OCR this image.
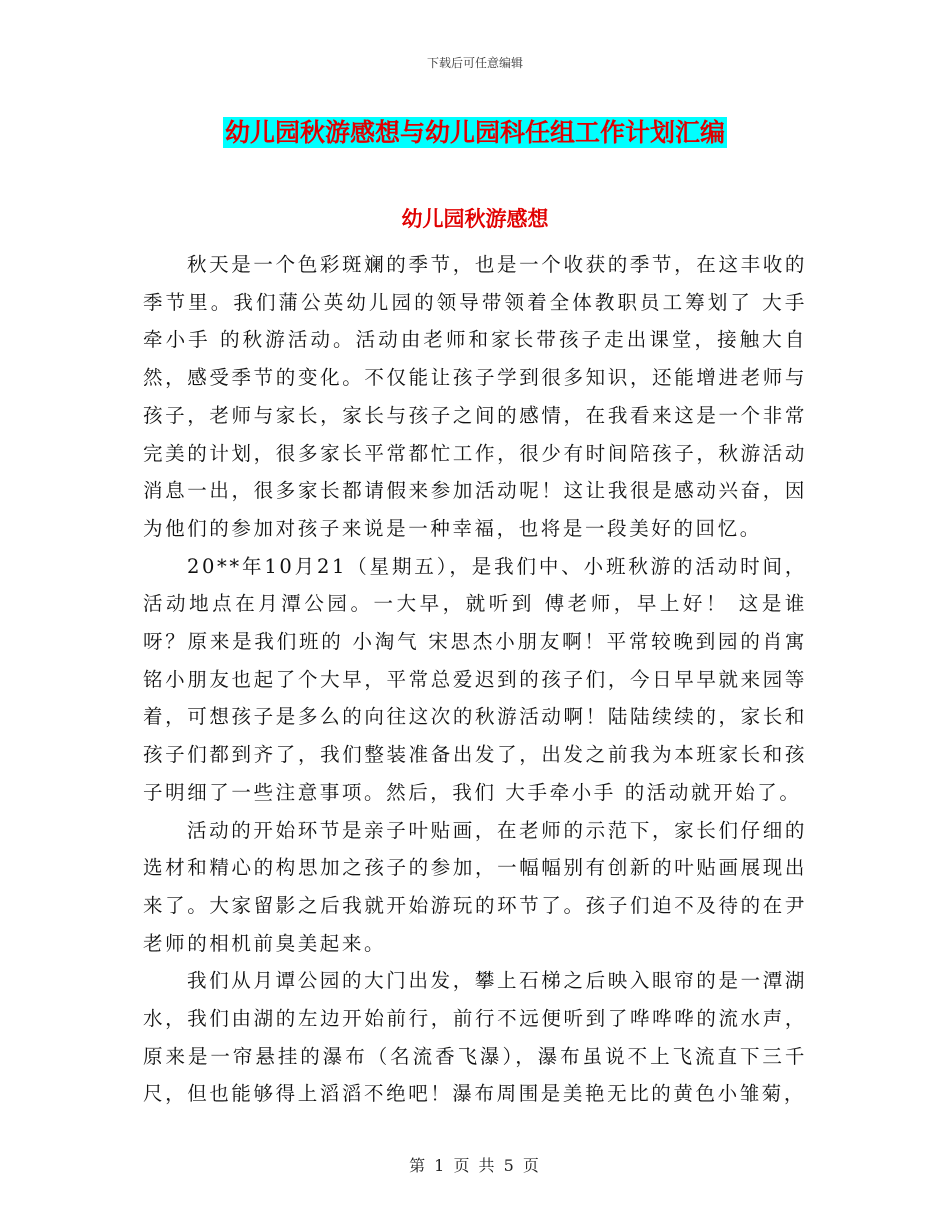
下载后可任意编辑
幼儿园秋游感想与幼儿园科任组工作计划汇编
幼儿园秋游感想

秋天是一个色彩斑斓的季节，也是一个收获的季节，在这丰收的季节里。我们蒲公英幼儿园的领导带领着全体教职员工筹划了 大手牵小手 的秋游活动。活动由老师和家长带孩子走出课堂，接触大自然，感受季节的变化。不仅能让孩子学到很多知识，还能增进老师与孩子，老师与家长，家长与孩子之间的感情，在我看来这是一个非常完美的计划，很多家长平常都忙工作，很少有时间陪孩子，秋游活动消息一出，很多家长都请假来参加活动呢！这让我很是感动兴奋，因为他们的参加对孩子来说是一种幸福，也将是一段美好的回忆。

20**年10月21（星期五），是我们中、小班秋游的活动时间，活动地点在月潭公园。一大早，就听到 傅老师，早上好！ 这是谁呀？原来是我们班的 小淘气 宋思杰小朋友啊！平常较晚到园的肖寓铭小朋友也起了个大早，平常总爱迟到的孩子们，今日早早就来园等着，可想孩子是多么的向往这次的秋游活动啊！陆陆续续的，家长和孩子们都到齐了，我们整装准备出发了，出发之前我为本班家长和孩子明细了一些注意事项。然后，我们 大手牵小手 的活动就开始了。

活动的开始环节是亲子叶贴画，在老师的示范下，家长们仔细的选材和精心的构思加之孩子的参加，一幅幅别有创新的叶贴画展现出来了。大家留影之后我就开始游玩的环节了。孩子们迫不及待的在尹老师的相机前臭美起来。

我们从月谭公园的大门出发，攀上石梯之后映入眼帘的是一潭湖水，我们由湖的左边开始前行，前行不远便听到了哗哗哗的流水声，原来是一帘悬挂的瀑布（名流香飞瀑），瀑布虽说不上飞流直下三千尺，但也能够得上滔滔不绝吧！瀑布周围是美艳无比的黄色小雏菊，

第 1 页 共 5 页
